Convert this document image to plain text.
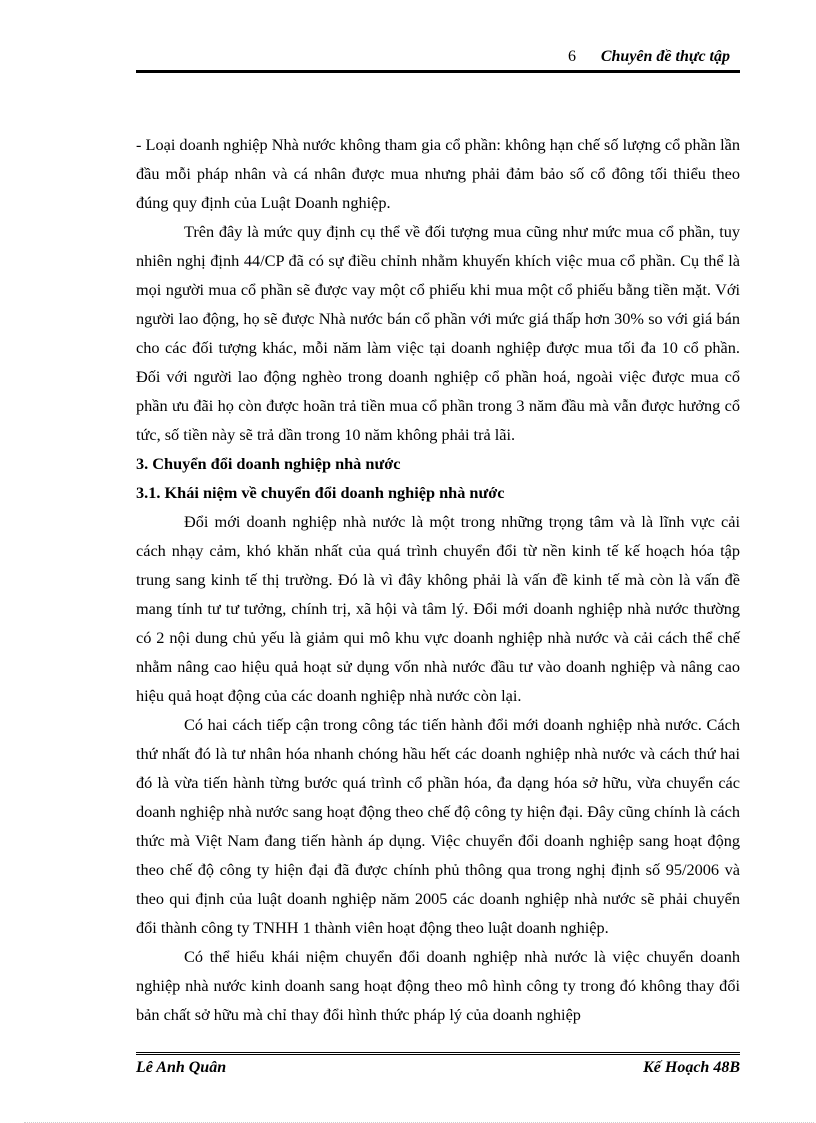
6 Chuyên đề thực tập

- Loại doanh nghiệp Nhà nước không tham gia cổ phần: không hạn chế số lượng cổ phần lần đầu mỗi pháp nhân và cá nhân được mua nhưng phải đảm bảo số cổ đông tối thiểu theo đúng quy định của Luật Doanh nghiệp.

Trên đây là mức quy định cụ thể về đối tượng mua cũng như mức mua cổ phần, tuy nhiên nghị định 44/CP đã có sự điều chỉnh nhằm khuyến khích việc mua cổ phần. Cụ thể là mọi người mua cổ phần sẽ được vay một cổ phiếu khi mua một cổ phiếu bằng tiền mặt. Với người lao động, họ sẽ được Nhà nước bán cổ phần với mức giá thấp hơn 30% so với giá bán cho các đối tượng khác, mỗi năm làm việc tại doanh nghiệp được mua tối đa 10 cổ phần. Đối với người lao động nghèo trong doanh nghiệp cổ phần hoá, ngoài việc được mua cổ phần ưu đãi họ còn được hoãn trả tiền mua cổ phần trong 3 năm đầu mà vẫn được hưởng cổ tức, số tiền này sẽ trả dần trong 10 năm không phải trả lãi.

3. Chuyển đổi doanh nghiệp nhà nước

3.1. Khái niệm về chuyển đổi doanh nghiệp nhà nước

Đổi mới doanh nghiệp nhà nước là một trong những trọng tâm và là lĩnh vực cải cách nhạy cảm, khó khăn nhất của quá trình chuyển đổi từ nền kinh tế kế hoạch hóa tập trung sang kinh tế thị trường. Đó là vì đây không phải là vấn đề kinh tế mà còn là vấn đề mang tính tư tư tưởng, chính trị, xã hội và tâm lý. Đổi mới doanh nghiệp nhà nước thường có 2 nội dung chủ yếu là giảm qui mô khu vực doanh nghiệp nhà nước và cải cách thể chế nhằm nâng cao hiệu quả hoạt sử dụng vốn nhà nước đầu tư vào doanh nghiệp và nâng cao hiệu quả hoạt động của các doanh nghiệp nhà nước còn lại.

Có hai cách tiếp cận trong công tác tiến hành đổi mới doanh nghiệp nhà nước. Cách thứ nhất đó là tư nhân hóa nhanh chóng hầu hết các doanh nghiệp nhà nước và cách thứ hai đó là vừa tiến hành từng bước quá trình cổ phần hóa, đa dạng hóa sở hữu, vừa chuyển các doanh nghiệp nhà nước sang hoạt động theo chế độ công ty hiện đại. Đây cũng chính là cách thức mà Việt Nam đang tiến hành áp dụng. Việc chuyển đổi doanh nghiệp sang hoạt động theo chế độ công ty hiện đại đã được chính phủ thông qua trong nghị định số 95/2006 và theo qui định của luật doanh nghiệp năm 2005 các doanh nghiệp nhà nước sẽ phải chuyển đổi thành công ty TNHH 1 thành viên hoạt động theo luật doanh nghiệp.

Có thể hiểu khái niệm chuyển đổi doanh nghiệp nhà nước là việc chuyển doanh nghiệp nhà nước kinh doanh sang hoạt động theo mô hình công ty trong đó không thay đổi bản chất sở hữu mà chỉ thay đổi hình thức pháp lý của doanh nghiệp

Lê Anh Quân	Kế Hoạch 48B
